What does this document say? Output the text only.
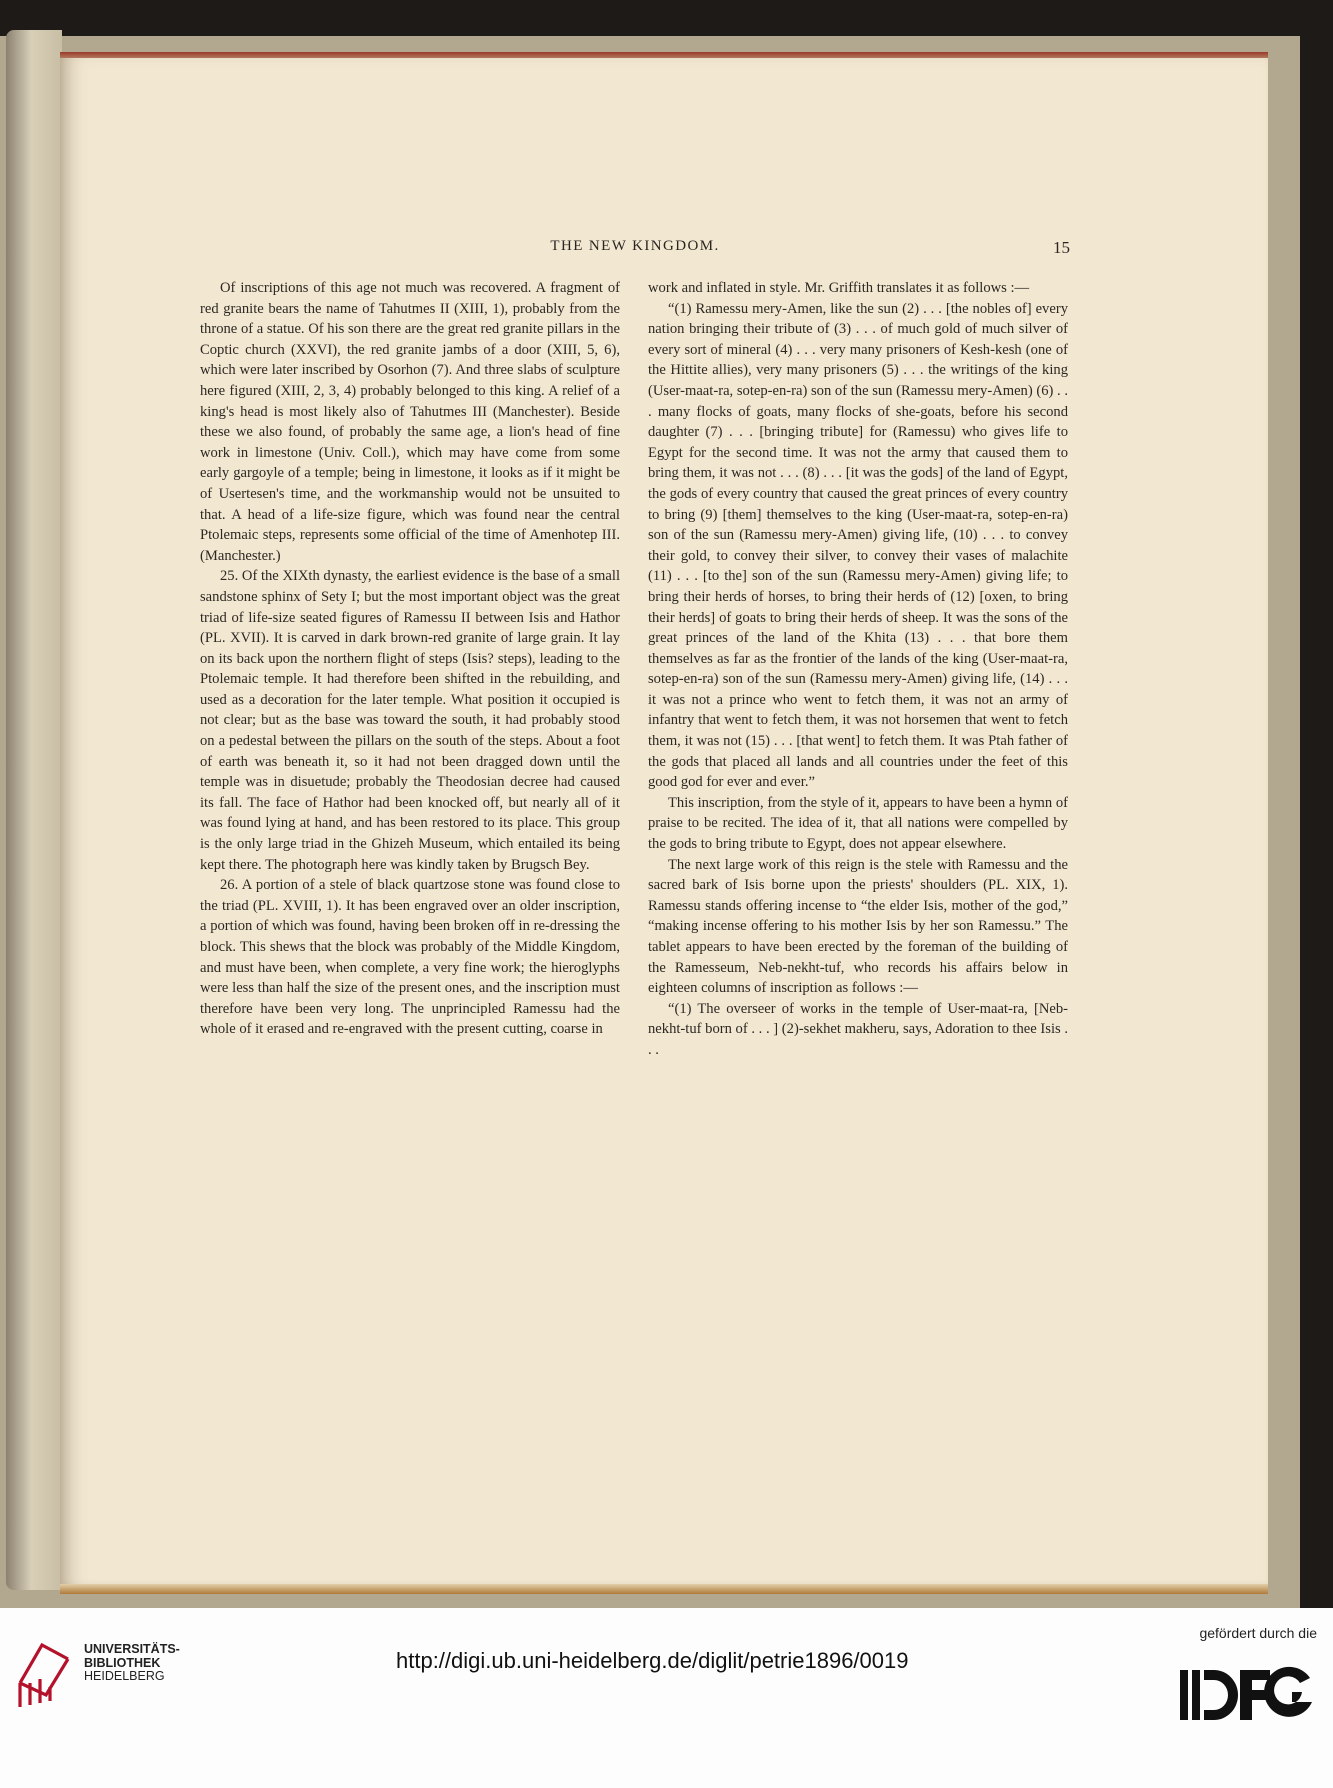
THE NEW KINGDOM.	15

Of inscriptions of this age not much was recovered. A fragment of red granite bears the name of Tahutmes II (XIII, 1), probably from the throne of a statue. Of his son there are the great red granite pillars in the Coptic church (XXVI), the red granite jambs of a door (XIII, 5, 6), which were later inscribed by Osorhon (7). And three slabs of sculpture here figured (XIII, 2, 3, 4) probably belonged to this king. A relief of a king's head is most likely also of Tahutmes III (Manchester). Beside these we also found, of probably the same age, a lion's head of fine work in limestone (Univ. Coll.), which may have come from some early gargoyle of a temple; being in limestone, it looks as if it might be of Usertesen's time, and the workmanship would not be unsuited to that. A head of a life-size figure, which was found near the central Ptolemaic steps, represents some official of the time of Amenhotep III. (Manchester.)

25. Of the XIXth dynasty, the earliest evidence is the base of a small sandstone sphinx of Sety I; but the most important object was the great triad of life-size seated figures of Ramessu II between Isis and Hathor (PL. XVII). It is carved in dark brown-red granite of large grain. It lay on its back upon the northern flight of steps (Isis? steps), leading to the Ptolemaic temple. It had therefore been shifted in the rebuilding, and used as a decoration for the later temple. What position it occupied is not clear; but as the base was toward the south, it had probably stood on a pedestal between the pillars on the south of the steps. About a foot of earth was beneath it, so it had not been dragged down until the temple was in disuetude; probably the Theodosian decree had caused its fall. The face of Hathor had been knocked off, but nearly all of it was found lying at hand, and has been restored to its place. This group is the only large triad in the Ghizeh Museum, which entailed its being kept there. The photograph here was kindly taken by Brugsch Bey.

26. A portion of a stele of black quartzose stone was found close to the triad (PL. XVIII, 1). It has been engraved over an older inscription, a portion of which was found, having been broken off in re-dressing the block. This shews that the block was probably of the Middle Kingdom, and must have been, when complete, a very fine work; the hieroglyphs were less than half the size of the present ones, and the inscription must therefore have been very long. The unprincipled Ramessu had the whole of it erased and re-engraved with the present cutting, coarse in

work and inflated in style. Mr. Griffith translates it as follows :—

“(1) Ramessu mery-Amen, like the sun (2) . . . [the nobles of] every nation bringing their tribute of (3) . . . of much gold of much silver of every sort of mineral (4) . . . very many prisoners of Kesh-kesh (one of the Hittite allies), very many prisoners (5) . . . the writings of the king (User-maat-ra, sotep-en-ra) son of the sun (Ramessu mery-Amen) (6) . . . many flocks of goats, many flocks of she-goats, before his second daughter (7) . . . [bringing tribute] for (Ramessu) who gives life to Egypt for the second time. It was not the army that caused them to bring them, it was not . . . (8) . . . [it was the gods] of the land of Egypt, the gods of every country that caused the great princes of every country to bring (9) [them] themselves to the king (User-maat-ra, sotep-en-ra) son of the sun (Ramessu mery-Amen) giving life, (10) . . . to convey their gold, to convey their silver, to convey their vases of malachite (11) . . . [to the] son of the sun (Ramessu mery-Amen) giving life; to bring their herds of horses, to bring their herds of (12) [oxen, to bring their herds] of goats to bring their herds of sheep. It was the sons of the great princes of the land of the Khita (13) . . . that bore them themselves as far as the frontier of the lands of the king (User-maat-ra, sotep-en-ra) son of the sun (Ramessu mery-Amen) giving life, (14) . . . it was not a prince who went to fetch them, it was not an army of infantry that went to fetch them, it was not horsemen that went to fetch them, it was not (15) . . . [that went] to fetch them. It was Ptah father of the gods that placed all lands and all countries under the feet of this good god for ever and ever.”

This inscription, from the style of it, appears to have been a hymn of praise to be recited. The idea of it, that all nations were compelled by the gods to bring tribute to Egypt, does not appear elsewhere.

The next large work of this reign is the stele with Ramessu and the sacred bark of Isis borne upon the priests' shoulders (PL. XIX, 1). Ramessu stands offering incense to “the elder Isis, mother of the god,” “making incense offering to his mother Isis by her son Ramessu.” The tablet appears to have been erected by the foreman of the building of the Ramesseum, Neb-nekht-tuf, who records his affairs below in eighteen columns of inscription as follows :—

“(1) The overseer of works in the temple of User-maat-ra, [Neb-nekht-tuf born of . . . ] (2)-sekhet makheru, says, Adoration to thee Isis . . .

UNIVERSITÄTS-
BIBLIOTHEK
HEIDELBERG
http://digi.ub.uni-heidelberg.de/diglit/petrie1896/0019
gefördert durch die
